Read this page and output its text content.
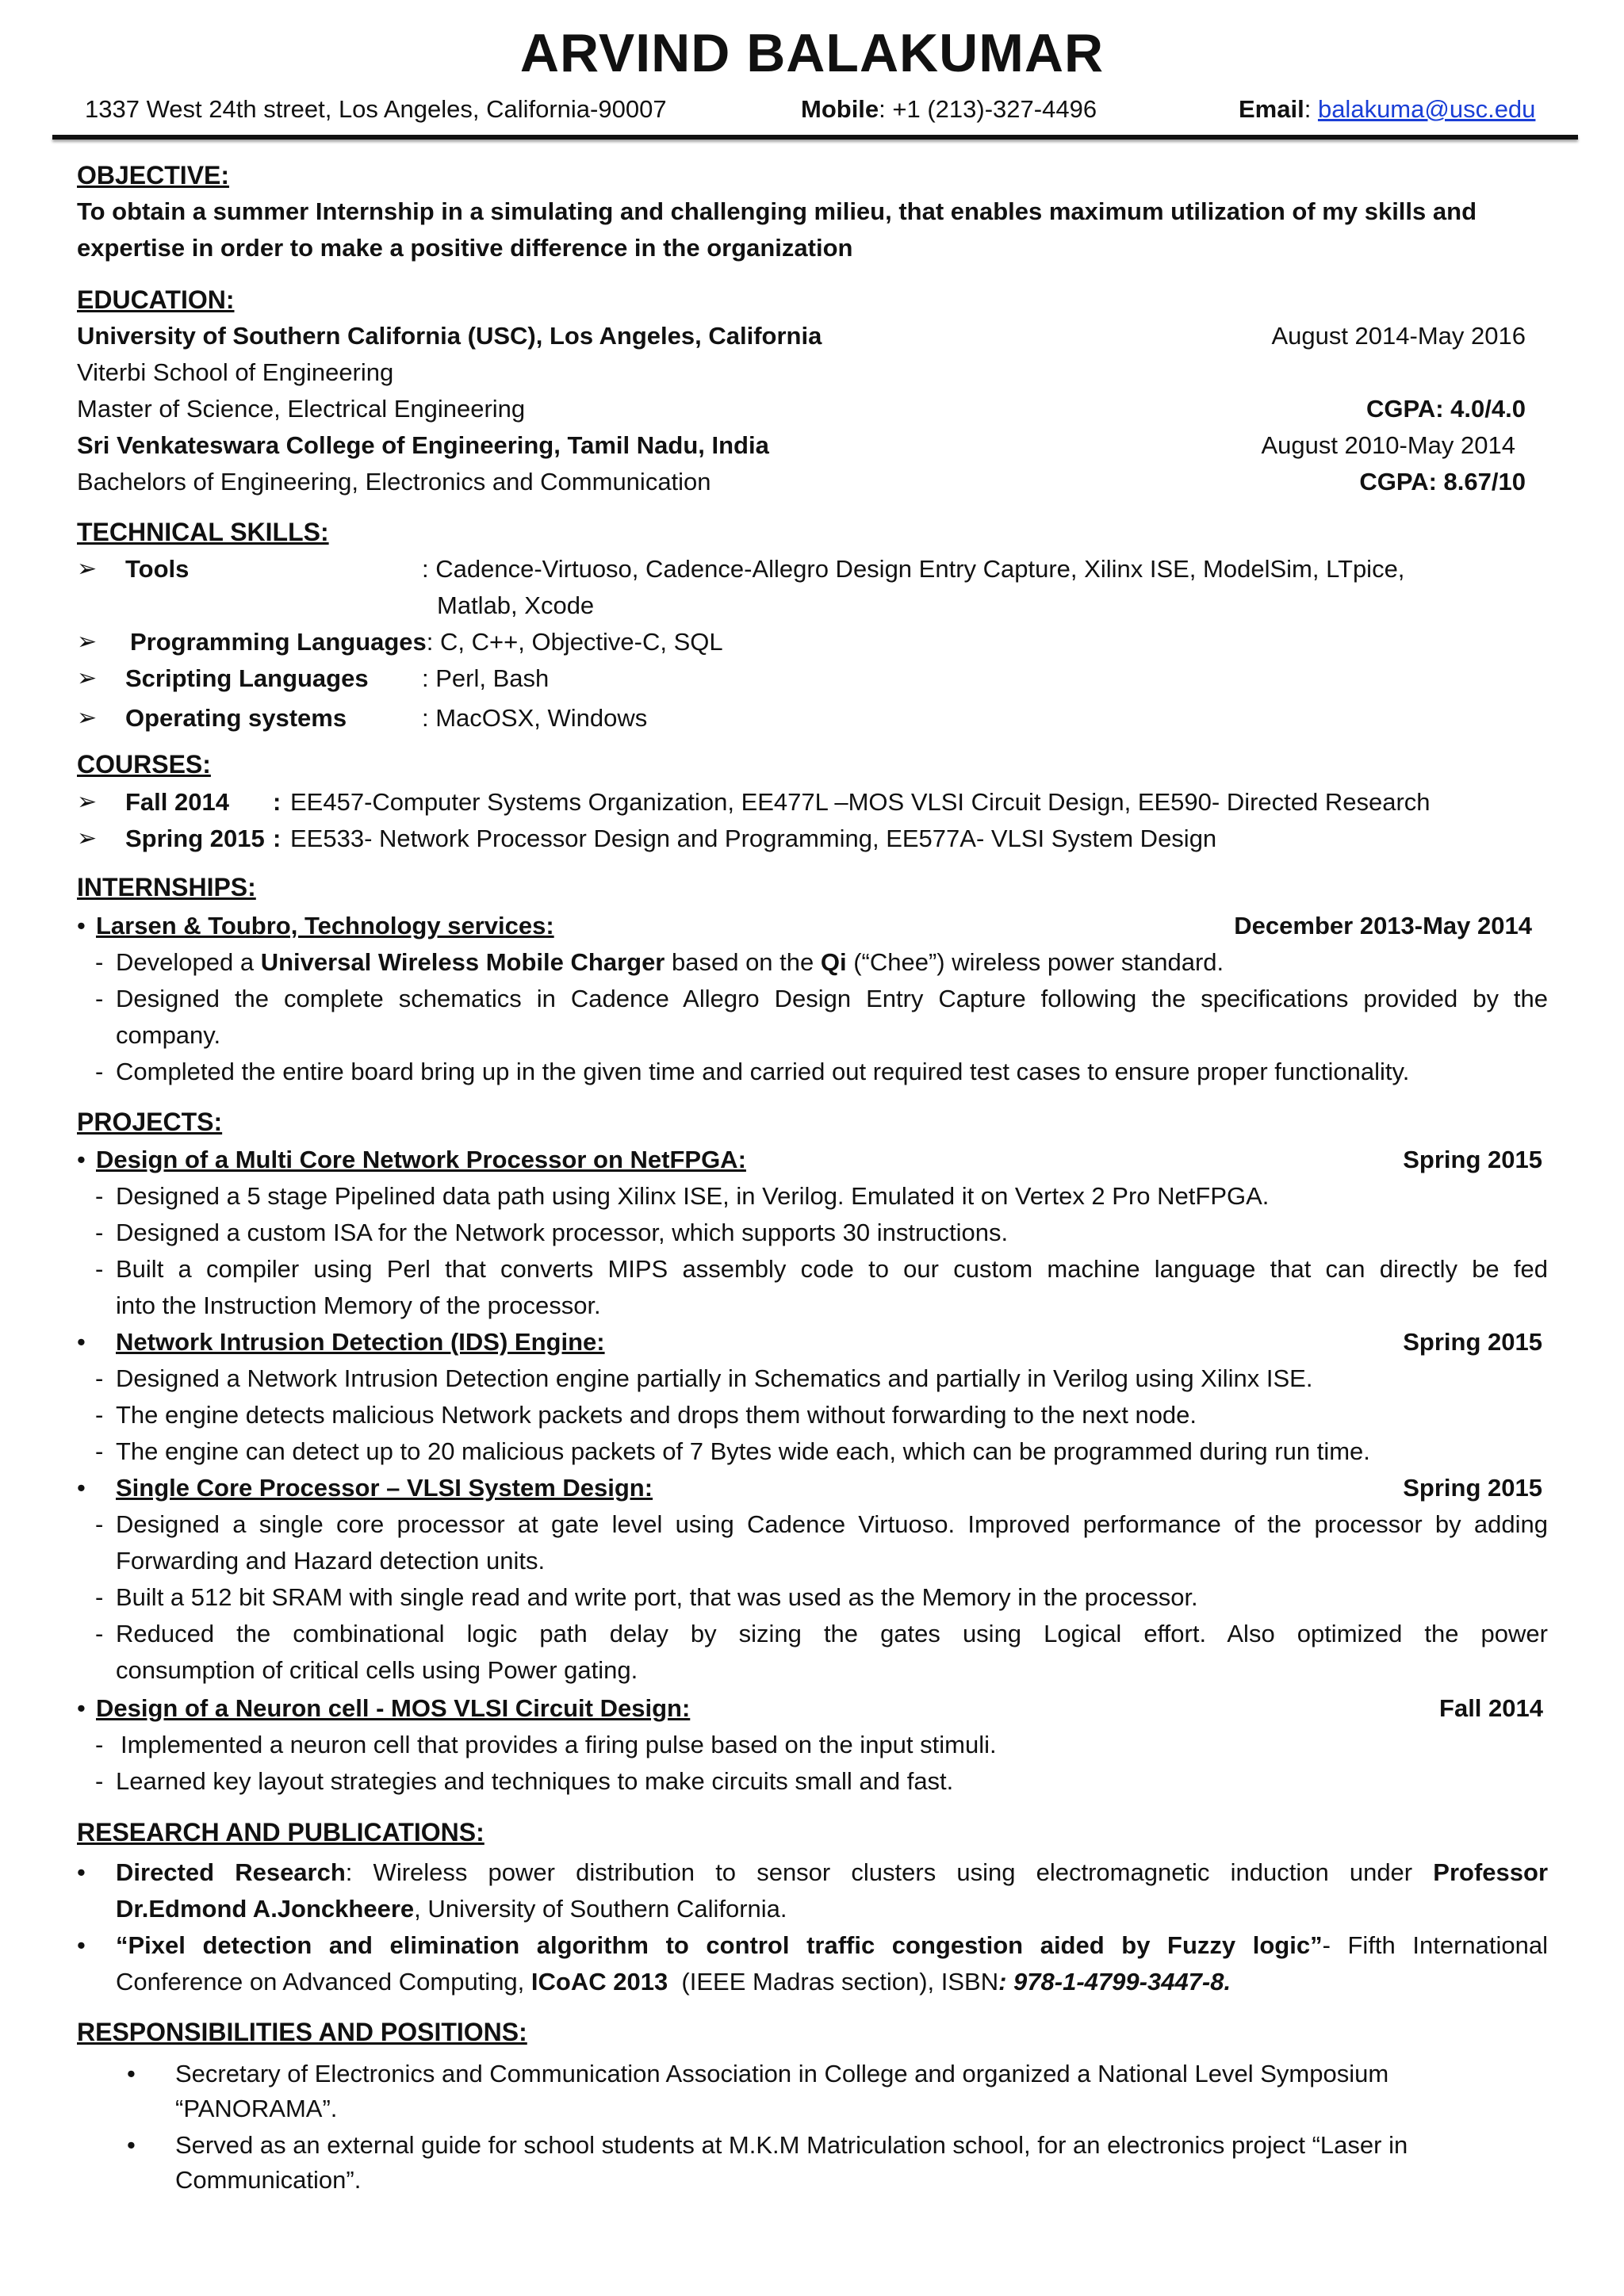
ARVIND BALAKUMAR
1337 West 24th street, Los Angeles, California-90007	Mobile: +1 (213)-327-4496	Email: balakuma@usc.edu
OBJECTIVE:
To obtain a summer Internship in a simulating and challenging milieu, that enables maximum utilization of my skills and
expertise in order to make a positive difference in the organization
EDUCATION:
University of Southern California (USC), Los Angeles, California	August 2014-May 2016
Viterbi School of Engineering
Master of Science, Electrical Engineering	CGPA: 4.0/4.0
Sri Venkateswara College of Engineering, Tamil Nadu, India	August 2010-May 2014
Bachelors of Engineering, Electronics and Communication	CGPA: 8.67/10
TECHNICAL SKILLS:
➢ Tools	: Cadence-Virtuoso, Cadence-Allegro Design Entry Capture, Xilinx ISE, ModelSim, LTpice,
Matlab, Xcode
➢ Programming Languages: C, C++, Objective-C, SQL
➢ Scripting Languages : Perl, Bash
➢ Operating systems	: MacOSX, Windows
COURSES:
➢ Fall 2014 : EE457-Computer Systems Organization, EE477L –MOS VLSI Circuit Design, EE590- Directed Research
➢ Spring 2015 : EE533- Network Processor Design and Programming, EE577A- VLSI System Design
INTERNSHIPS:
• Larsen & Toubro, Technology services:	December 2013-May 2014
- Developed a Universal Wireless Mobile Charger based on the Qi (“Chee”) wireless power standard.
- Designed the complete schematics in Cadence Allegro Design Entry Capture following the specifications provided by the
company.
- Completed the entire board bring up in the given time and carried out required test cases to ensure proper functionality.
PROJECTS:
• Design of a Multi Core Network Processor on NetFPGA:	Spring 2015
- Designed a 5 stage Pipelined data path using Xilinx ISE, in Verilog. Emulated it on Vertex 2 Pro NetFPGA.
- Designed a custom ISA for the Network processor, which supports 30 instructions.
- Built a compiler using Perl that converts MIPS assembly code to our custom machine language that can directly be fed
into the Instruction Memory of the processor.
• Network Intrusion Detection (IDS) Engine:	Spring 2015
- Designed a Network Intrusion Detection engine partially in Schematics and partially in Verilog using Xilinx ISE.
- The engine detects malicious Network packets and drops them without forwarding to the next node.
- The engine can detect up to 20 malicious packets of 7 Bytes wide each, which can be programmed during run time.
• Single Core Processor – VLSI System Design:	Spring 2015
- Designed a single core processor at gate level using Cadence Virtuoso. Improved performance of the processor by adding
Forwarding and Hazard detection units.
- Built a 512 bit SRAM with single read and write port, that was used as the Memory in the processor.
- Reduced the combinational logic path delay by sizing the gates using Logical effort. Also optimized the power
consumption of critical cells using Power gating.
• Design of a Neuron cell - MOS VLSI Circuit Design:	Fall 2014
- Implemented a neuron cell that provides a firing pulse based on the input stimuli.
- Learned key layout strategies and techniques to make circuits small and fast.
RESEARCH AND PUBLICATIONS:
• Directed Research: Wireless power distribution to sensor clusters using electromagnetic induction under Professor
Dr.Edmond A.Jonckheere, University of Southern California.
• “Pixel detection and elimination algorithm to control traffic congestion aided by Fuzzy logic”- Fifth International
Conference on Advanced Computing, ICoAC 2013  (IEEE Madras section), ISBN: 978-1-4799-3447-8.
RESPONSIBILITIES AND POSITIONS:
• Secretary of Electronics and Communication Association in College and organized a National Level Symposium
“PANORAMA”.
• Served as an external guide for school students at M.K.M Matriculation school, for an electronics project “Laser in
Communication”.
